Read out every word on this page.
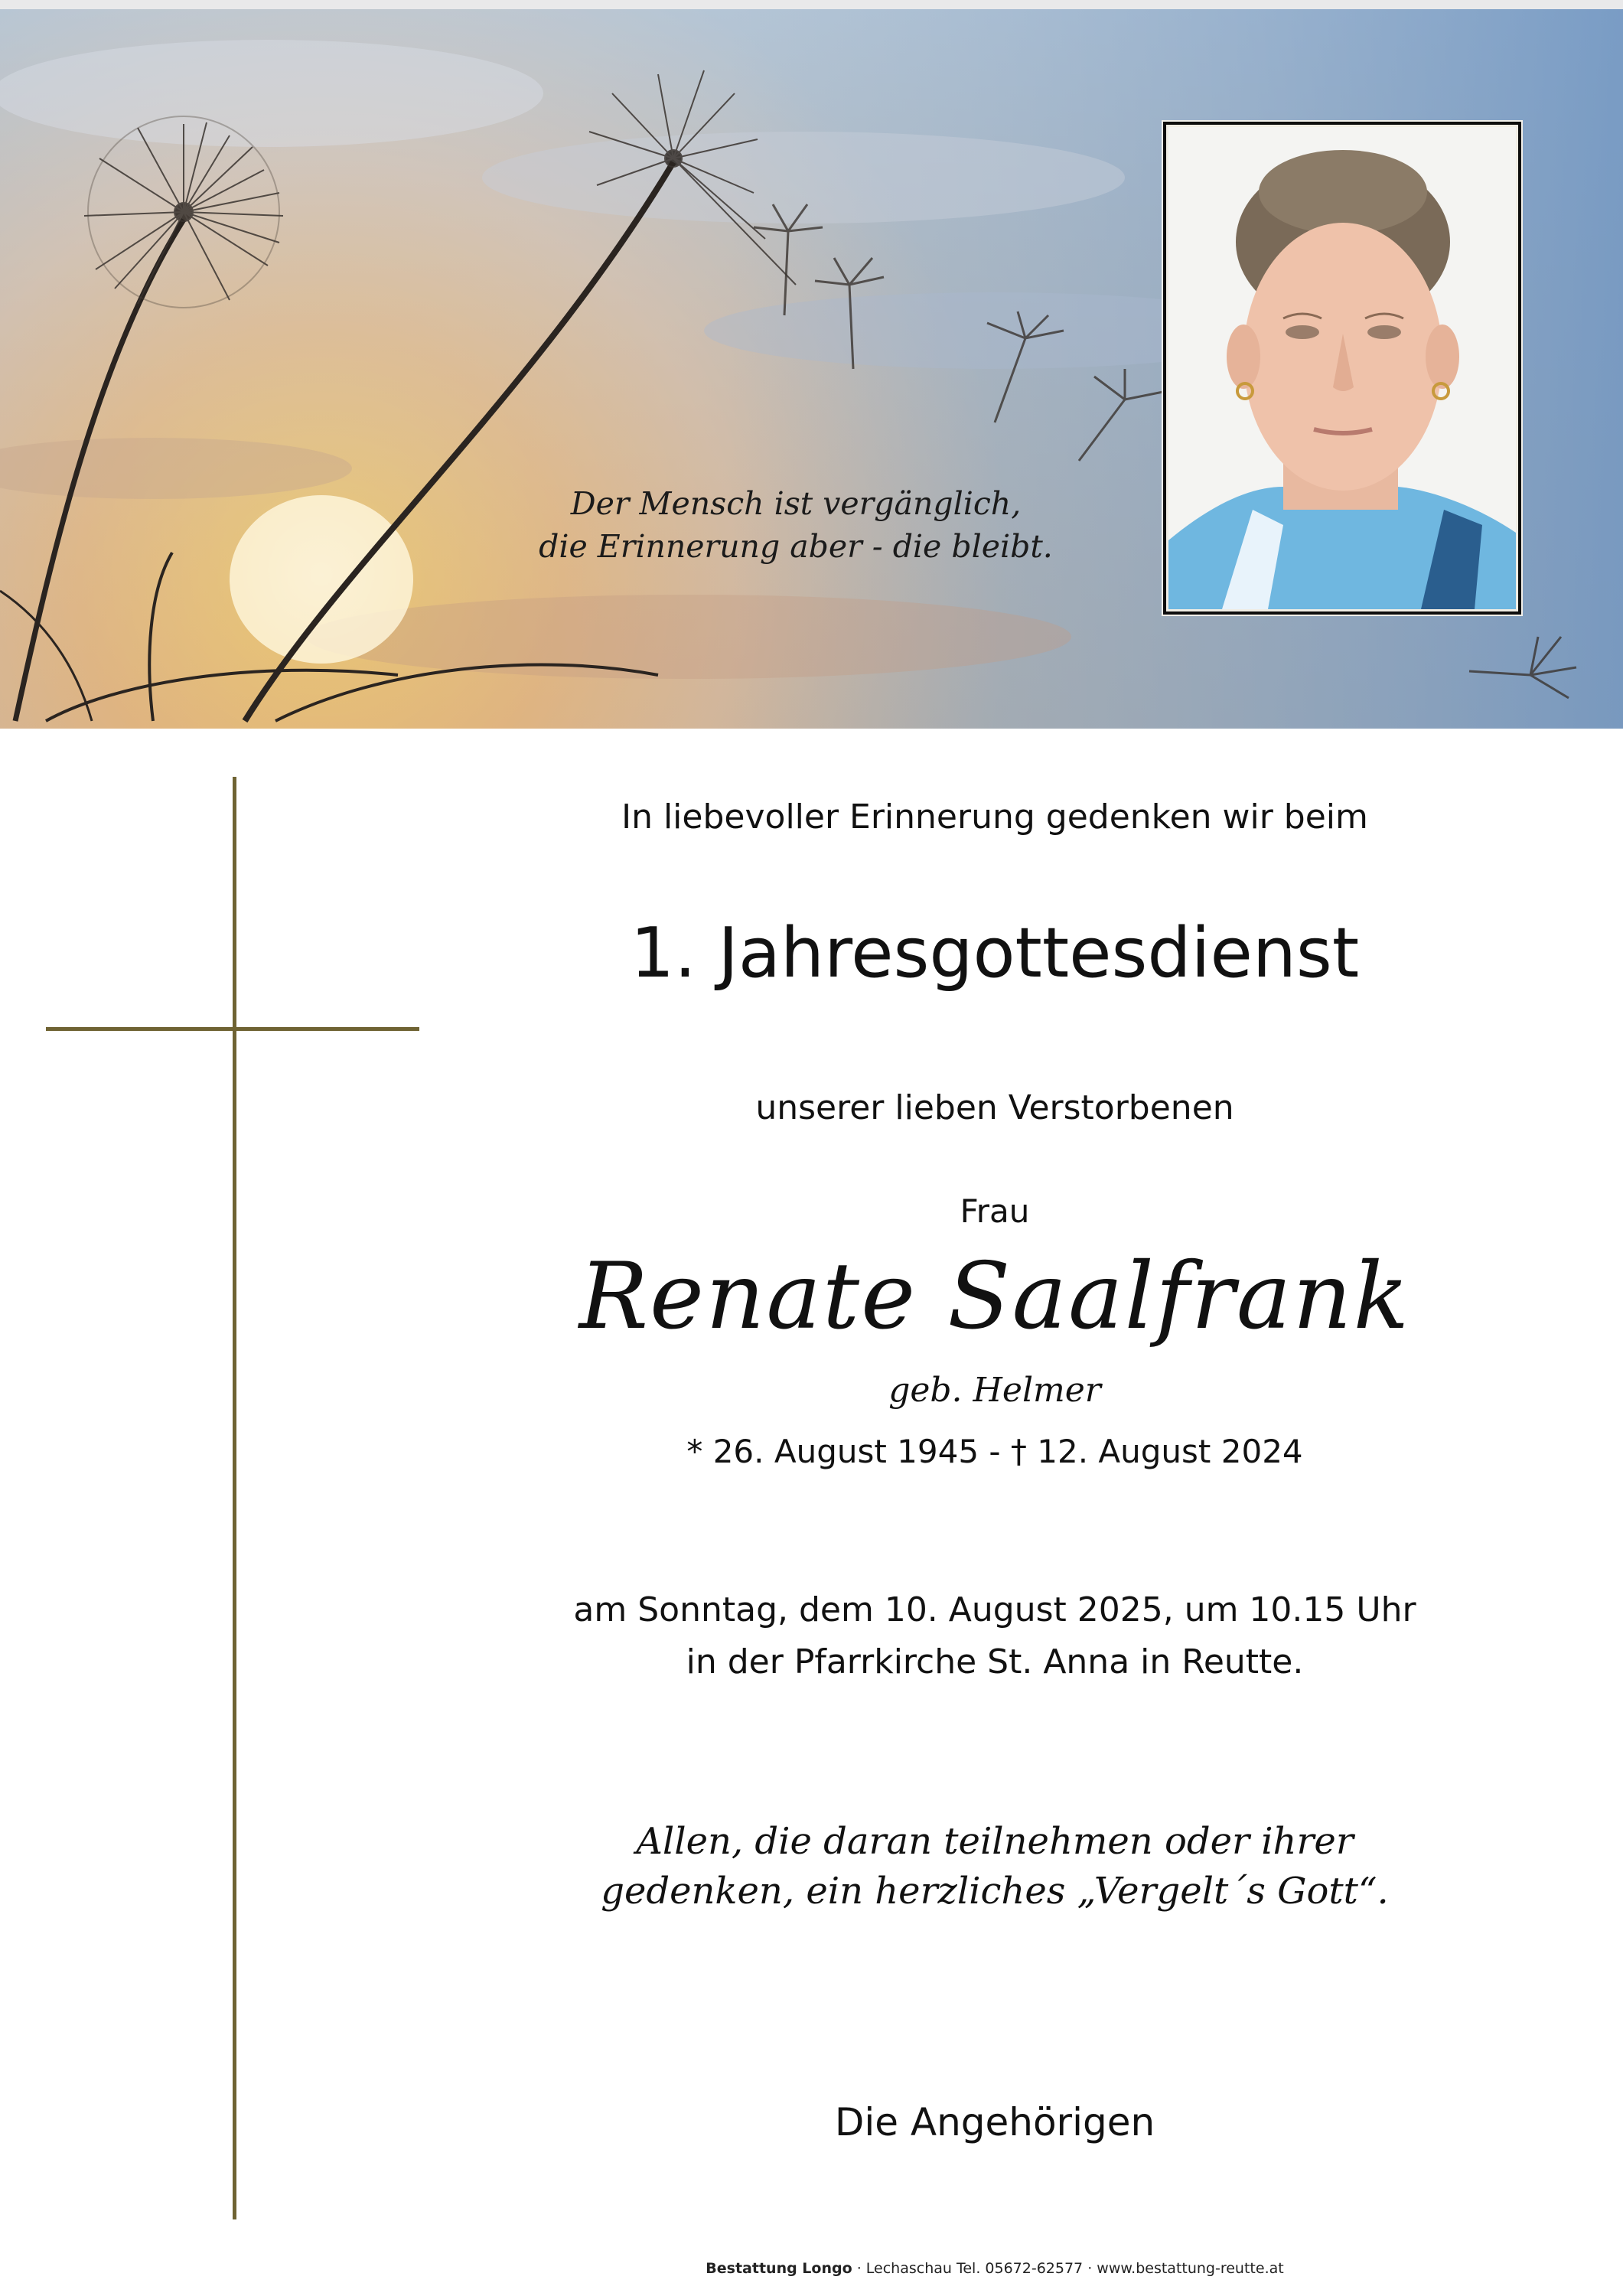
Der Mensch ist vergänglich,
die Erinnerung aber - die bleibt.
In liebevoller Erinnerung gedenken wir beim
1. Jahresgottesdienst
unserer lieben Verstorbenen
Frau
Renate Saalfrank
geb. Helmer
* 26. August 1945 - † 12. August 2024
am Sonntag, dem 10. August 2025, um 10.15 Uhr
in der Pfarrkirche St. Anna in Reutte.
Allen, die daran teilnehmen oder ihrer
gedenken, ein herzliches „Vergelt´s Gott“.
Die Angehörigen
Bestattung Longo · Lechaschau Tel. 05672-62577 · www.bestattung-reutte.at
